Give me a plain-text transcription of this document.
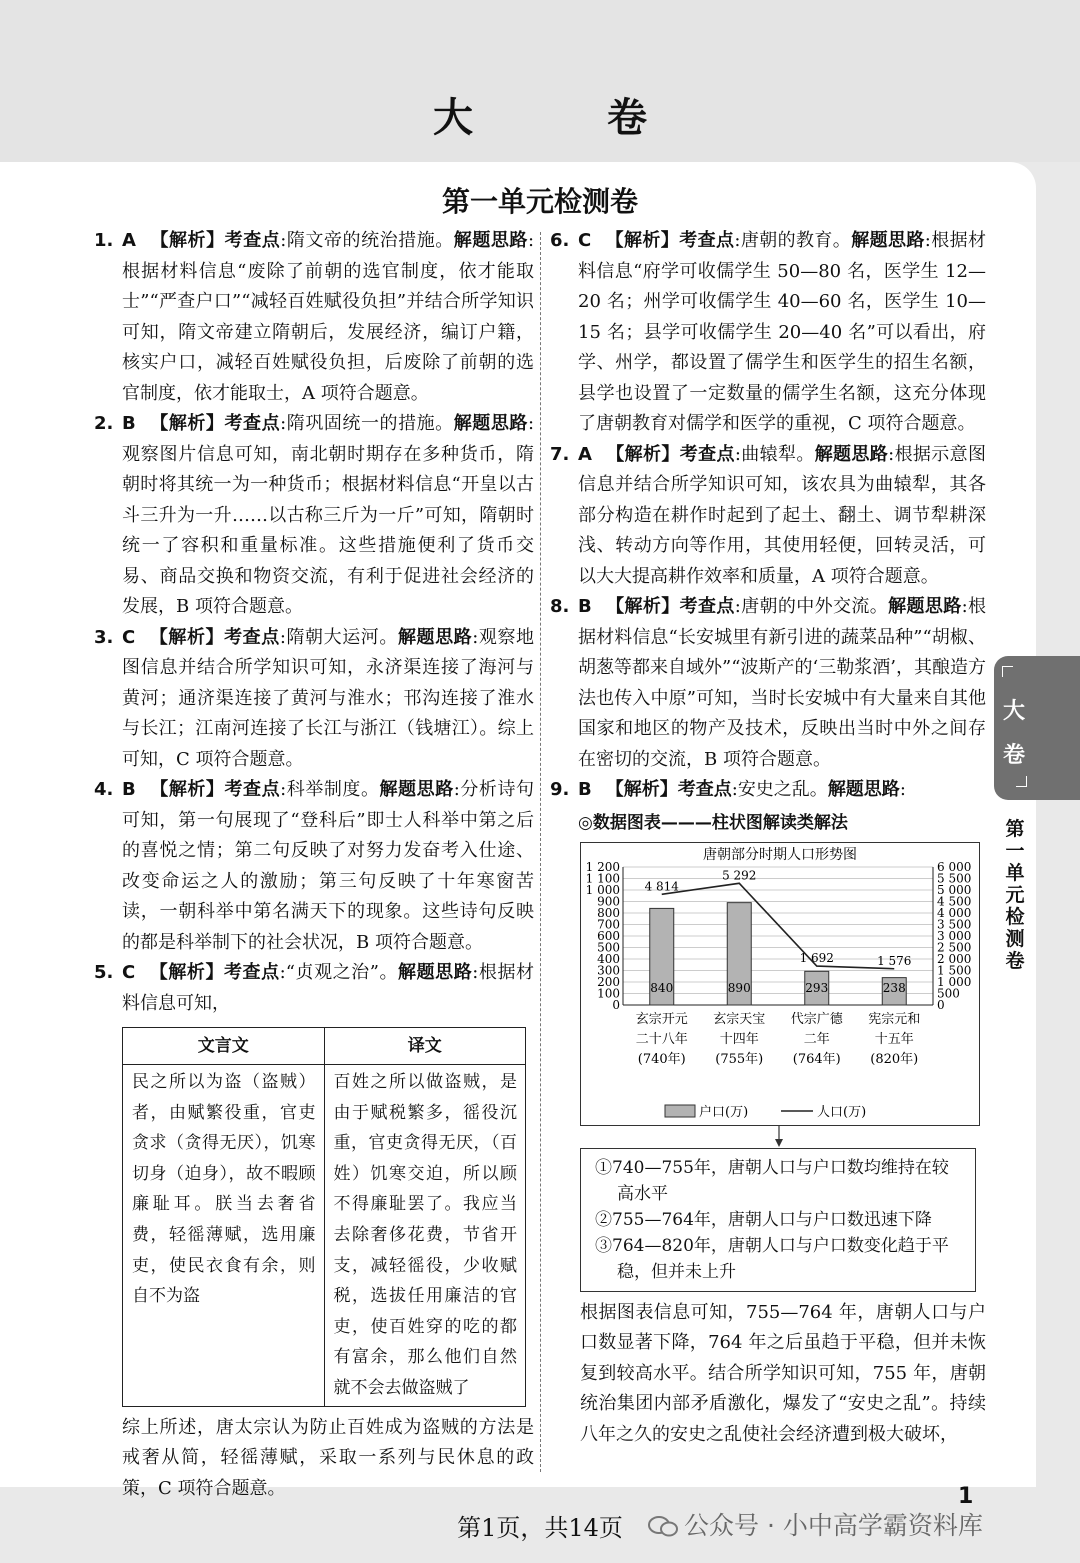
大 卷
第一单元检测卷

1. A 【解析】考查点:隋文帝的统治措施。解题思路:根据材料信息“废除了前朝的选官制度，依才能取士”“严查户口”“减轻百姓赋役负担”并结合所学知识可知，隋文帝建立隋朝后，发展经济，编订户籍，核实户口，减轻百姓赋役负担，后废除了前朝的选官制度，依才能取士，A 项符合题意。

2. B 【解析】考查点:隋巩固统一的措施。解题思路:观察图片信息可知，南北朝时期存在多种货币，隋朝时将其统一为一种货币；根据材料信息“开皇以古斗三升为一升……以古称三斤为一斤”可知，隋朝时统一了容积和重量标准。这些措施便利了货币交易、商品交换和物资交流，有利于促进社会经济的发展，B 项符合题意。

3. C 【解析】考查点:隋朝大运河。解题思路:观察地图信息并结合所学知识可知，永济渠连接了海河与黄河；通济渠连接了黄河与淮水；邗沟连接了淮水与长江；江南河连接了长江与浙江（钱塘江）。综上可知，C 项符合题意。

4. B 【解析】考查点:科举制度。解题思路:分析诗句可知，第一句展现了“登科后”即士人科举中第之后的喜悦之情；第二句反映了对努力发奋考入仕途、改变命运之人的激励；第三句反映了十年寒窗苦读，一朝科举中第名满天下的现象。这些诗句反映的都是科举制下的社会状况，B 项符合题意。

5. C 【解析】考查点:“贞观之治”。解题思路:根据材料信息可知，

文言文	译文
民之所以为盗（盗贼）者，由赋繁役重，官吏贪求（贪得无厌），饥寒切身（迫身），故不暇顾廉耻耳。朕当去奢省费，轻徭薄赋，选用廉吏，使民衣食有余，则自不为盗	百姓之所以做盗贼，是由于赋税繁多，徭役沉重，官吏贪得无厌，（百姓）饥寒交迫，所以顾不得廉耻罢了。我应当去除奢侈花费，节省开支，减轻徭役，少收赋税，选拔任用廉洁的官吏，使百姓穿的吃的都有富余，那么他们自然就不会去做盗贼了

综上所述，唐太宗认为防止百姓成为盗贼的方法是戒奢从简，轻徭薄赋，采取一系列与民休息的政策，C 项符合题意。

6. C 【解析】考查点:唐朝的教育。解题思路:根据材料信息“府学可收儒学生 50—80 名，医学生 12—20 名；州学可收儒学生 40—60 名，医学生 10—15 名；县学可收儒学生 20—40 名”可以看出，府学、州学，都设置了儒学生和医学生的招生名额，县学也设置了一定数量的儒学生名额，这充分体现了唐朝教育对儒学和医学的重视，C 项符合题意。

7. A 【解析】考查点:曲辕犁。解题思路:根据示意图信息并结合所学知识可知，该农具为曲辕犁，其各部分构造在耕作时起到了起土、翻土、调节犁耕深浅、转动方向等作用，其使用轻便，回转灵活，可以大大提高耕作效率和质量，A 项符合题意。

8. B 【解析】考查点:唐朝的中外交流。解题思路:根据材料信息“长安城里有新引进的蔬菜品种”“胡椒、胡葱等都来自域外”“波斯产的‘三勒浆酒’，其酿造方法也传入中原”可知，当时长安城中有大量来自其他国家和地区的物产及技术，反映出当时中外之间存在密切的交流，B 项符合题意。

9. B 【解析】考查点:安史之乱。解题思路:

◎数据图表———柱状图解读类解法
唐朝部分时期人口形势图
0
100
200
300
400
500
600
700
800
900
1 000
1 100
1 200
0
500
1 000
1 500
2 000
2 500
3 000
3 500
4 000
4 500
5 000
5 500
6 000
840
4 814
玄宗开元
二十八年
(740年)
890
5 292
玄宗天宝
十四年
(755年)
293
1 692
代宗广德
二年
(764年)
238
1 576
宪宗元和
十五年
(820年)
户口(万)	人口(万)

①740—755年，唐朝人口与户口数均维持在较高水平

②755—764年，唐朝人口与户口数迅速下降

③764—820年，唐朝人口与户口数变化趋于平稳，但并未上升

根据图表信息可知，755—764 年，唐朝人口与户口数显著下降，764 年之后虽趋于平稳，但并未恢复到较高水平。结合所学知识可知，755 年，唐朝统治集团内部矛盾激化，爆发了“安史之乱”。持续八年之久的安史之乱使社会经济遭到极大破坏，

大
卷
第一单元检测卷
1
第1页，共14页	公众号 · 小中高学霸资料库
